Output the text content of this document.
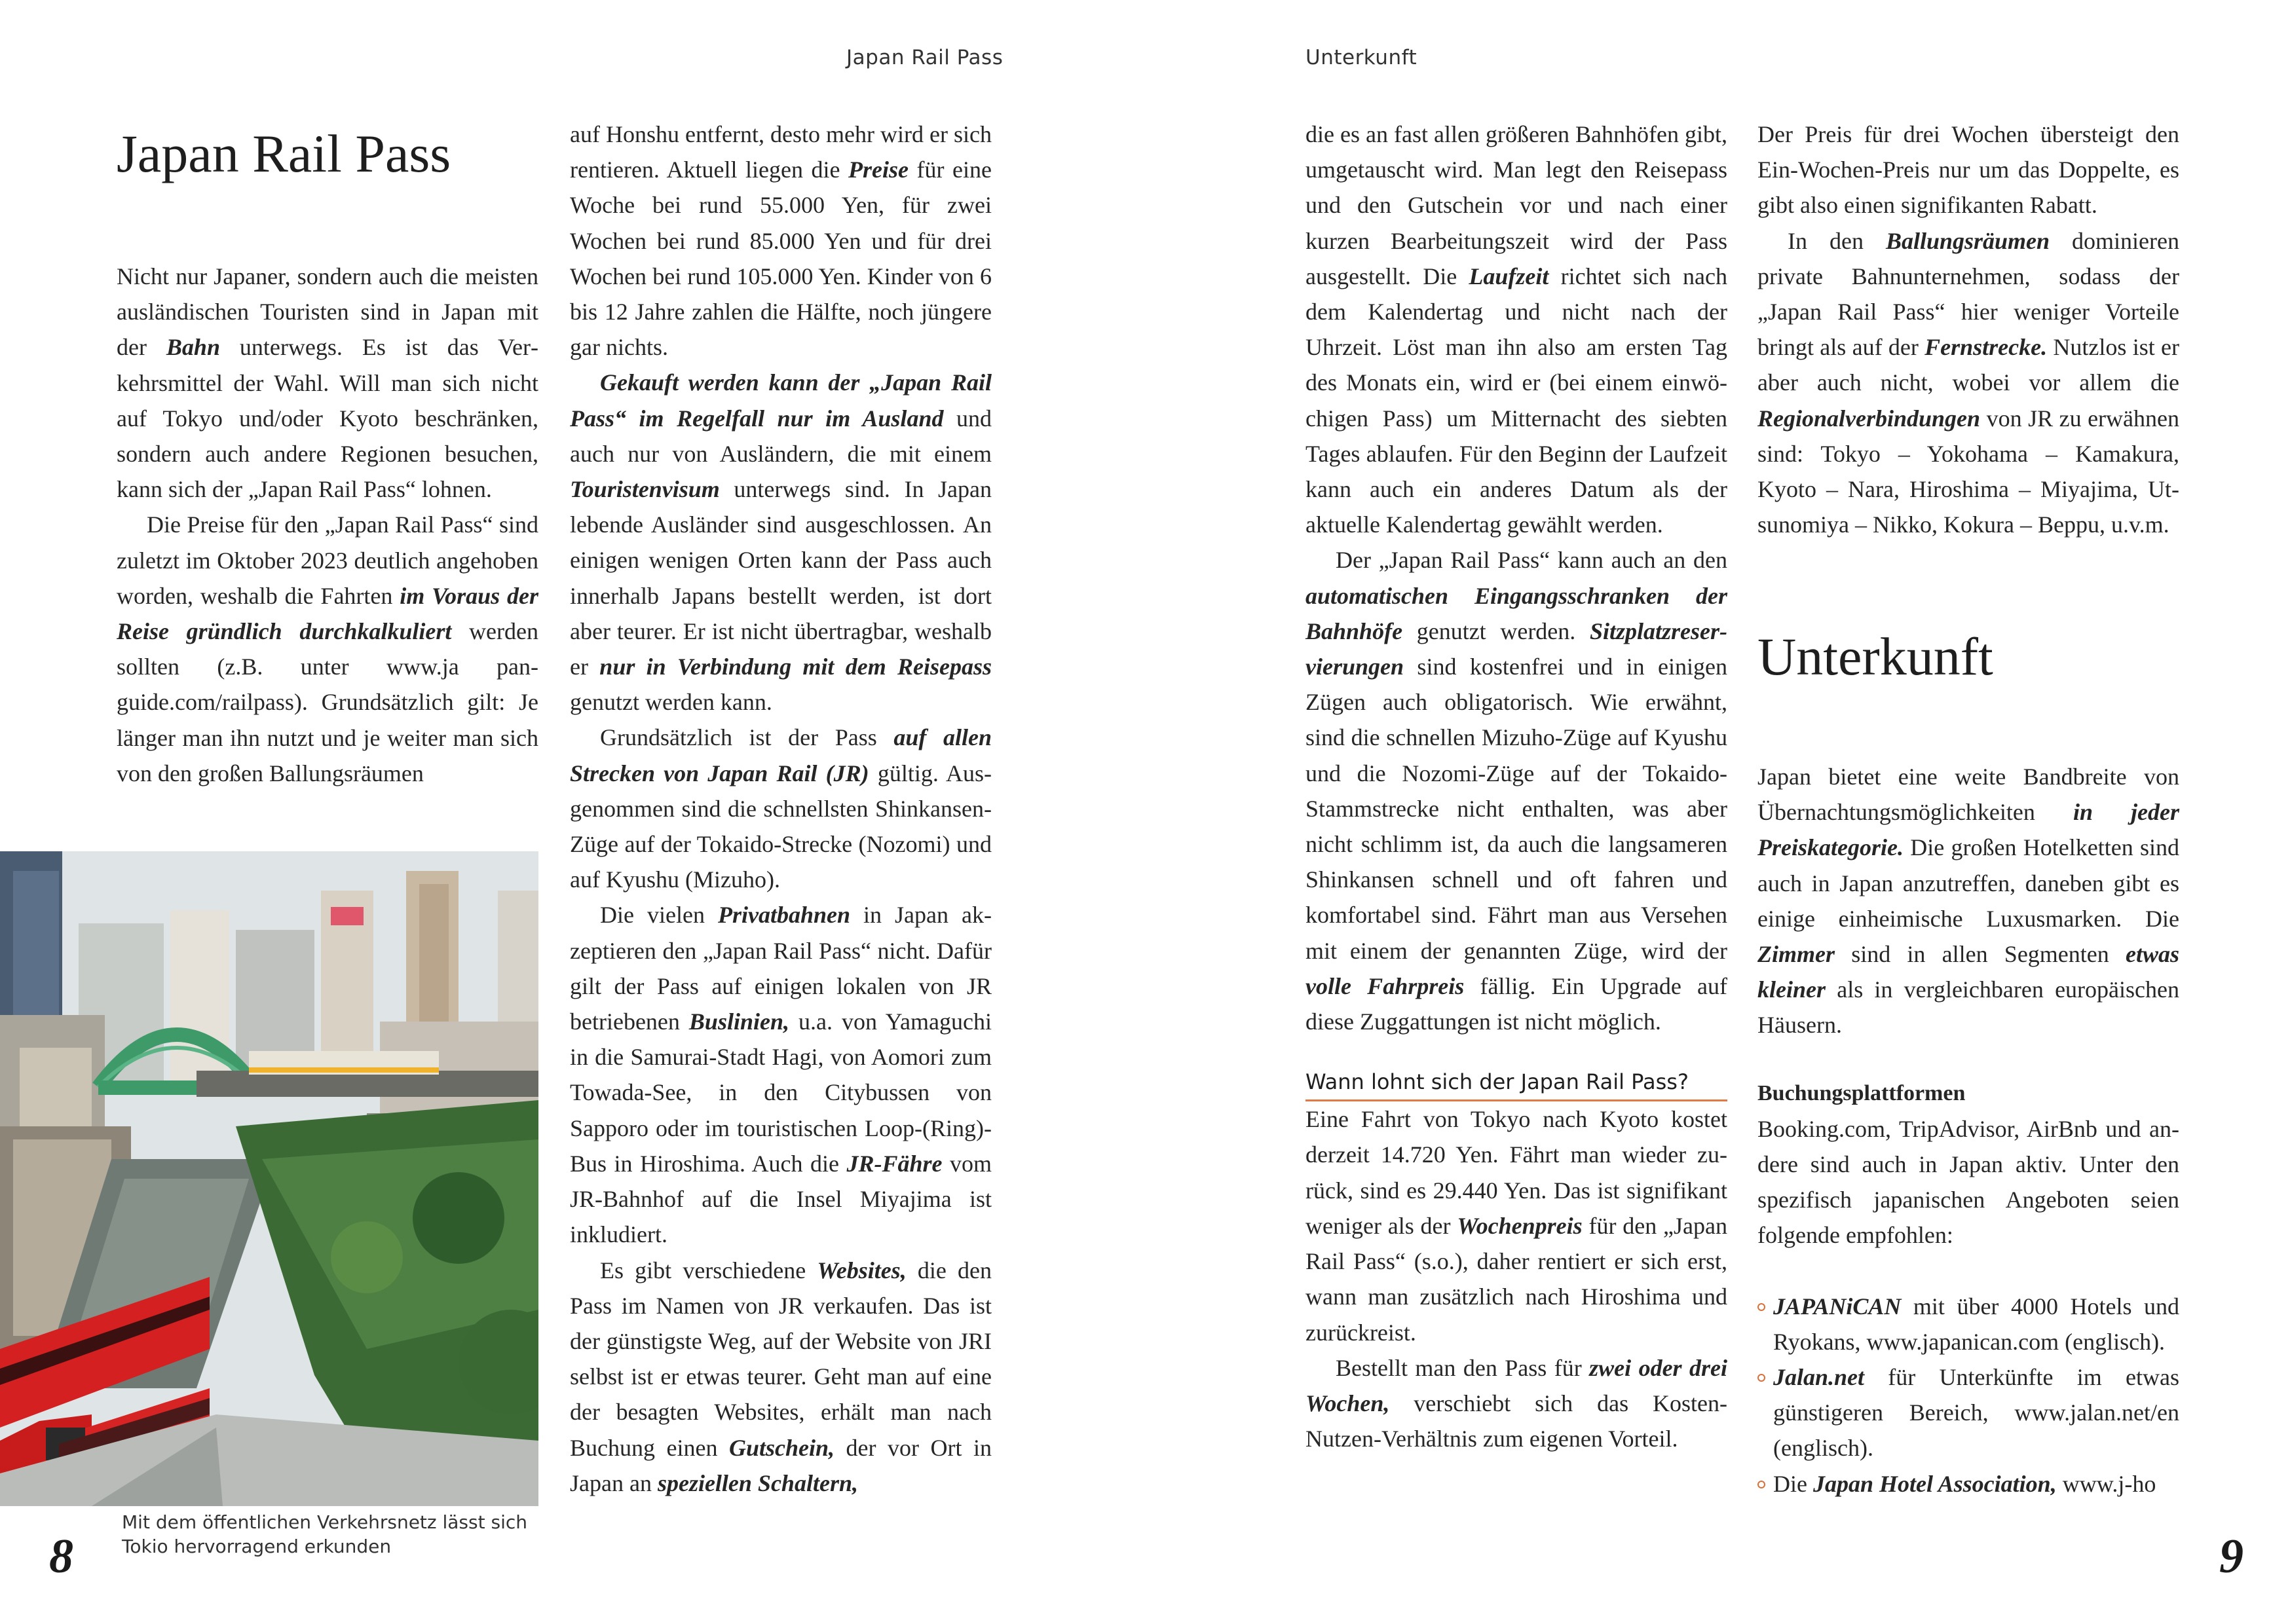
Japan Rail Pass
Japan Rail Pass

Nicht nur Japaner, sondern auch die meisten ausländischen Touristen sind in Japan mit der Bahn unterwegs. Es ist das Verkehrsmittel der Wahl. Will man sich nicht auf Tokyo und/oder Kyoto beschränken, sondern auch andere Regionen besuchen, kann sich der „Japan Rail Pass“ lohnen.

Die Preise für den „Japan Rail Pass“ sind zuletzt im Oktober 2023 deutlich angehoben worden, weshalb die Fahrten im Voraus der Reise gründlich durchkalkuliert werden sollten (z.B. unter www.ja pan-guide.com/railpass). Grundsätzlich gilt: Je länger man ihn nutzt und je weiter man sich von den großen Ballungsräumen

Mit dem öffentlichen Verkehrsnetz lässt sich Tokio hervorragend erkunden
8

auf Honshu entfernt, desto mehr wird er sich rentieren. Aktuell liegen die Preise für eine Woche bei rund 55.000 Yen, für zwei Wochen bei rund 85.000 Yen und für drei Wochen bei rund 105.000 Yen. Kinder von 6 bis 12 Jahre zahlen die Hälfte, noch jüngere gar nichts.

Gekauft werden kann der „Japan Rail Pass“ im Regelfall nur im Ausland und auch nur von Ausländern, die mit einem Touristenvisum unterwegs sind. In Japan lebende Ausländer sind ausgeschlossen. An einigen wenigen Orten kann der Pass auch innerhalb Japans bestellt werden, ist dort aber teurer. Er ist nicht übertragbar, weshalb er nur in Verbindung mit dem Reisepass genutzt werden kann.

Grundsätzlich ist der Pass auf allen Strecken von Japan Rail (JR) gültig. Ausgenommen sind die schnellsten Shinkansen-Züge auf der Tokaido-Strecke (Nozomi) und auf Kyushu (Mizuho).

Die vielen Privatbahnen in Japan akzeptieren den „Japan Rail Pass“ nicht. Dafür gilt der Pass auf einigen lokalen von JR betriebenen Buslinien, u.a. von Yamaguchi in die Samurai-Stadt Hagi, von Aomori zum Towada-See, in den Citybussen von Sapporo oder im touristischen Loop-(Ring)-Bus in Hiroshima. Auch die JR-Fähre vom JR-Bahnhof auf die Insel Miyajima ist inkludiert.

Es gibt verschiedene Websites, die den Pass im Namen von JR verkaufen. Das ist der günstigste Weg, auf der Website von JRI selbst ist er etwas teurer. Geht man auf eine der besagten Websites, erhält man nach Buchung einen Gutschein, der vor Ort in Japan an speziellen Schaltern,

Unterkunft

die es an fast allen größeren Bahnhöfen gibt, umgetauscht wird. Man legt den Reisepass und den Gutschein vor und nach einer kurzen Bearbeitungszeit wird der Pass ausgestellt. Die Laufzeit richtet sich nach dem Kalendertag und nicht nach der Uhrzeit. Löst man ihn also am ersten Tag des Monats ein, wird er (bei einem einwöchigen Pass) um Mitternacht des siebten Tages ablaufen. Für den Beginn der Laufzeit kann auch ein anderes Datum als der aktuelle Kalendertag gewählt werden.

Der „Japan Rail Pass“ kann auch an den automatischen Eingangsschranken der Bahnhöfe genutzt werden. Sitzplatzreservierungen sind kostenfrei und in einigen Zügen auch obligatorisch. Wie erwähnt, sind die schnellen Mizuho-Züge auf Kyushu und die Nozomi-Züge auf der Tokaido-Stammstrecke nicht enthalten, was aber nicht schlimm ist, da auch die langsameren Shinkansen schnell und oft fahren und komfortabel sind. Fährt man aus Versehen mit einem der genannten Züge, wird der volle Fahrpreis fällig. Ein Upgrade auf diese Zuggattungen ist nicht möglich.

Wann lohnt sich der Japan Rail Pass?

Eine Fahrt von Tokyo nach Kyoto kostet derzeit 14.720 Yen. Fährt man wieder zurück, sind es 29.440 Yen. Das ist signifikant weniger als der Wochenpreis für den „Japan Rail Pass“ (s.o.), daher rentiert er sich erst, wann man zusätzlich nach Hiroshima und zurückreist.

Bestellt man den Pass für zwei oder drei Wochen, verschiebt sich das Kosten-Nutzen-Verhältnis zum eigenen Vorteil.

Der Preis für drei Wochen übersteigt den Ein-Wochen-Preis nur um das Doppelte, es gibt also einen signifikanten Rabatt.

In den Ballungsräumen dominieren private Bahnunternehmen, sodass der „Japan Rail Pass“ hier weniger Vorteile bringt als auf der Fernstrecke. Nutzlos ist er aber auch nicht, wobei vor allem die Regionalverbindungen von JR zu erwähnen sind: Tokyo – Yokohama – Kamakura, Kyoto – Nara, Hiroshima – Miyajima, Utsunomiya – Nikko, Kokura – Beppu, u.v.m.

Unterkunft

Japan bietet eine weite Bandbreite von Übernachtungsmöglichkeiten in jeder Preiskategorie. Die großen Hotelketten sind auch in Japan anzutreffen, daneben gibt es einige einheimische Luxusmarken. Die Zimmer sind in allen Segmenten etwas kleiner als in vergleichbaren europäischen Häusern.

Buchungsplattformen

Booking.com, TripAdvisor, AirBnb und andere sind auch in Japan aktiv. Unter den spezifisch japanischen Angeboten seien folgende empfohlen:

JAPANiCAN mit über 4000 Hotels und Ryokans, www.japanican.com (englisch).
Jalan.net für Unterkünfte im etwas günstigeren Bereich, www.jalan.net/en (englisch).
Die Japan Hotel Association, www.j-ho
9
